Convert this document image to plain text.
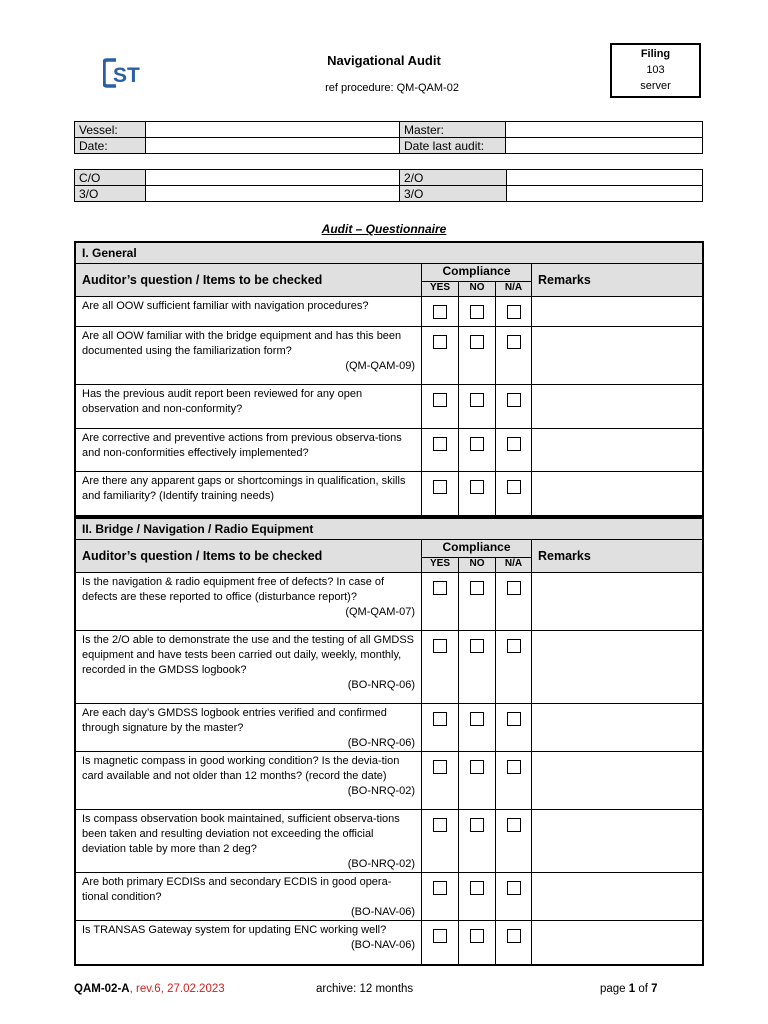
ST
Navigational Audit
ref procedure: QM-QAM-02
Filing
103
server
Vessel:		Master:	
Date:		Date last audit:	
C/O		2/O	
3/O		3/O	
Audit – Questionnaire
I. General				
Auditor’s question / Items to be checked	Compliance			Remarks
	YES	NO	N/A	

Are all OOW sufficient familiar with navigation procedures?				

Are all OOW familiar with the bridge equipment and has this been documented using the familiarization form?
(QM-QAM-09)				

Has the previous audit report been reviewed for any open observation and non-conformity?				

Are corrective and preventive actions from previous observa-tions and non-conformities effectively implemented?				

Are there any apparent gaps or shortcomings in qualification, skills and familiarity? (Identify training needs)				

II. Bridge / Navigation / Radio Equipment				
Auditor’s question / Items to be checked	Compliance			Remarks
	YES	NO	N/A	

Is the navigation & radio equipment free of defects? In case of defects are these reported to office (disturbance report)?
(QM-QAM-07)				

Is the 2/O able to demonstrate the use and the testing of all GMDSS equipment and have tests been carried out daily, weekly, monthly, recorded in the GMDSS logbook?
(BO-NRQ-06)				

Are each day’s GMDSS logbook entries verified and confirmed through signature by the master?
(BO-NRQ-06)				

Is magnetic compass in good working condition? Is the devia-tion card available and not older than 12 months? (record the date)
(BO-NRQ-02)				

Is compass observation book maintained, sufficient observa-tions been taken and resulting deviation not exceeding the official deviation table by more than 2 deg?
(BO-NRQ-02)				

Are both primary ECDISs and secondary ECDIS in good opera-tional condition?
(BO-NAV-06)				

Is TRANSAS Gateway system for updating ENC working well?
(BO-NAV-06)				

QAM-02-A, rev.6, 27.02.2023	archive: 12 months	page 1 of 7
